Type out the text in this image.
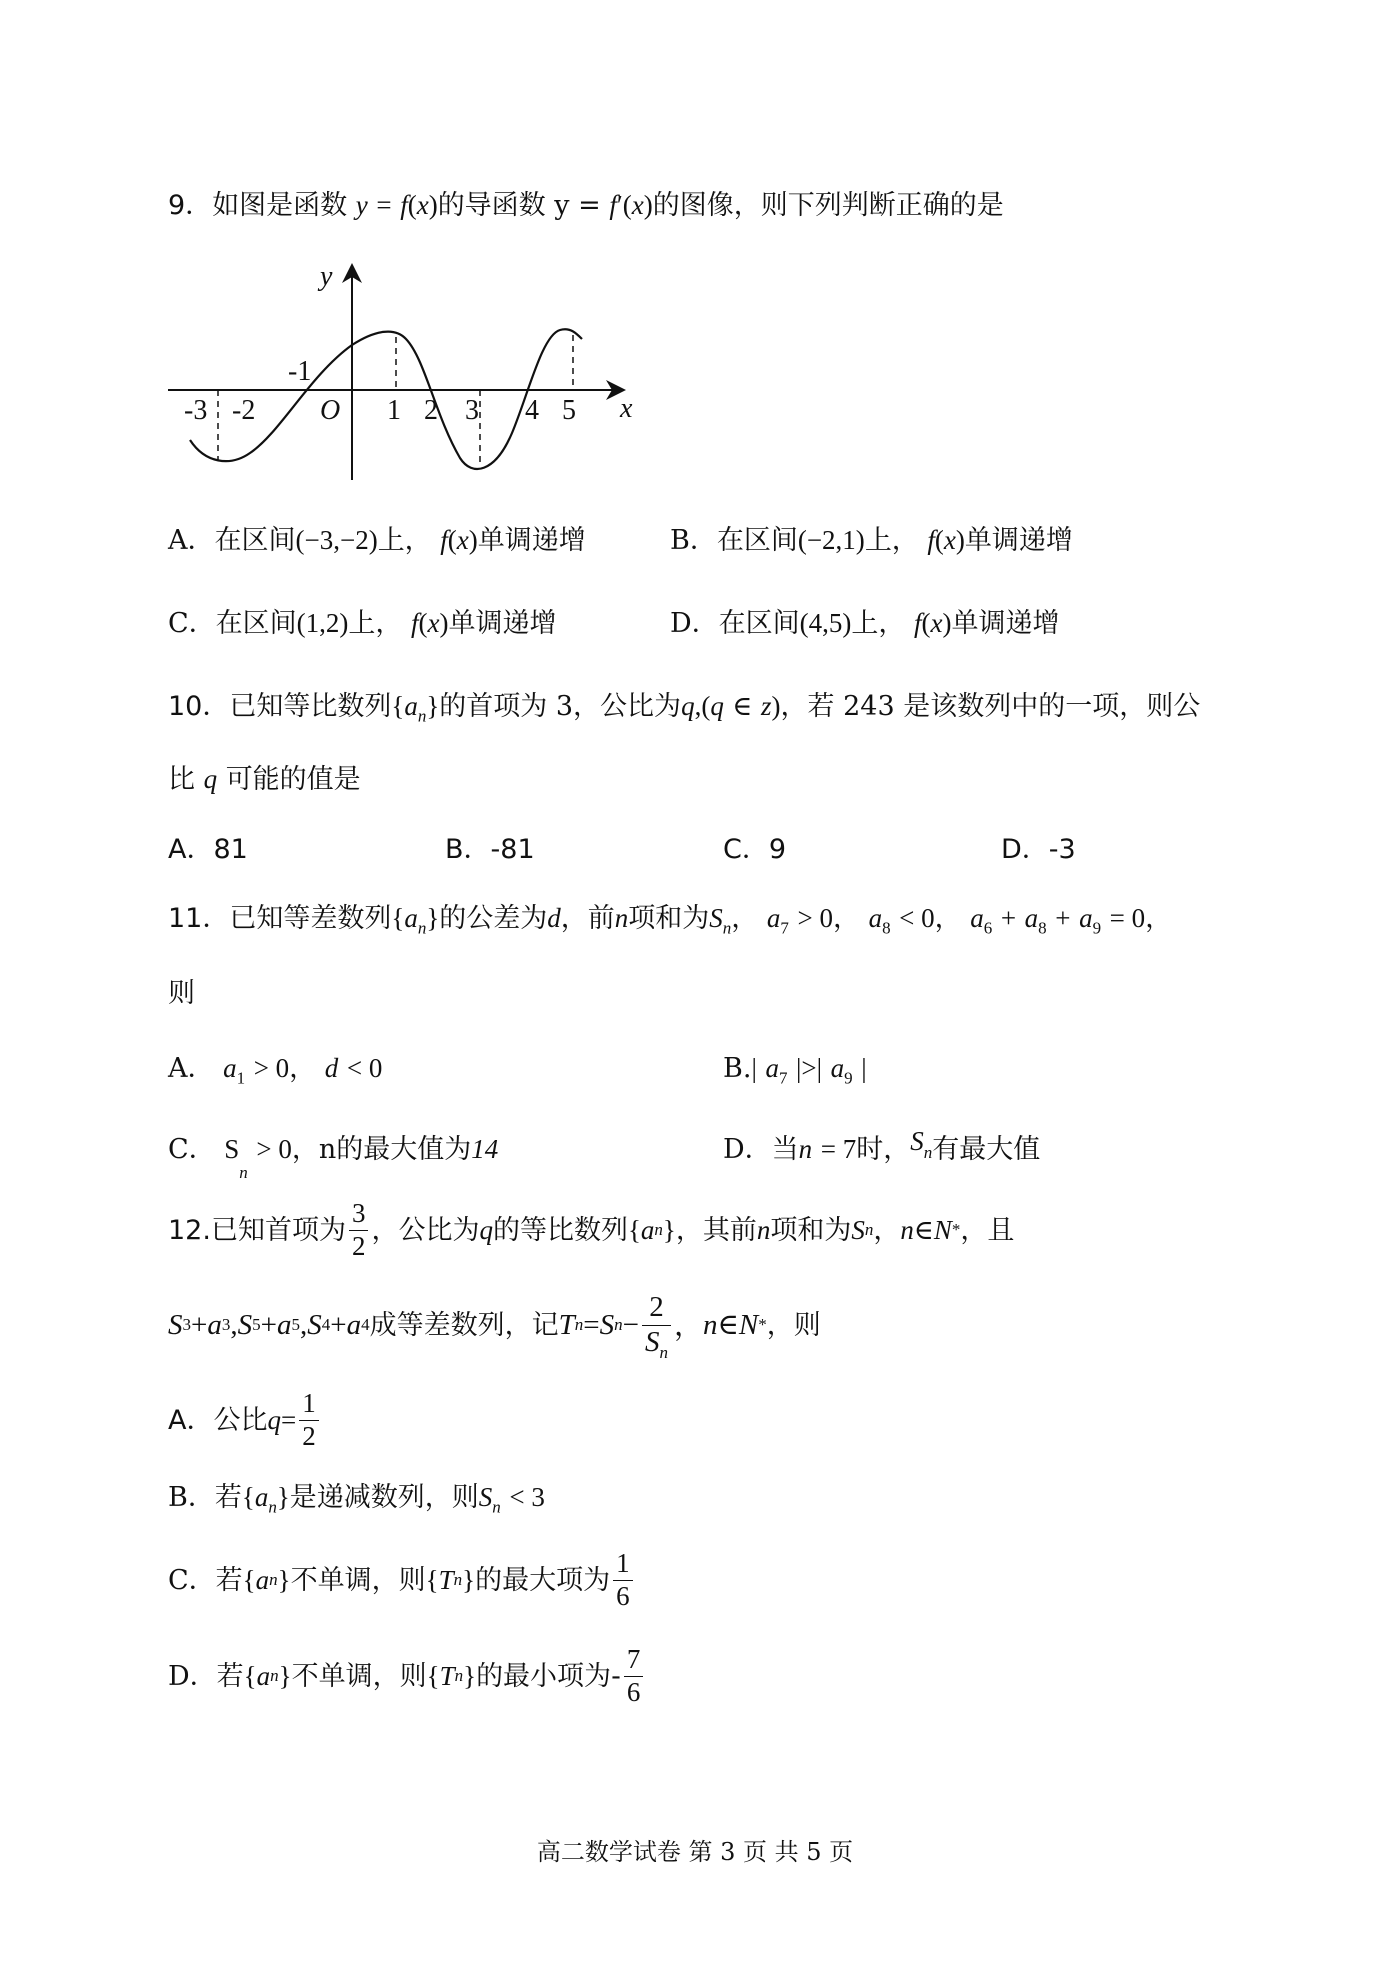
9．如图是函数 y = f(x)的导函数 y = f′(x)的图像，则下列判断正确的是
y
x
O
-1
-3 -2	1 2 3 4 5
A．在区间(−3,−2)上， f(x)单调递增	B．在区间(−2,1)上， f(x)单调递增
C．在区间(1,2)上， f(x)单调递增	D．在区间(4,5)上， f(x)单调递增
10．已知等比数列$\{a_n\}$的首项为 3，公比为q,(q ∈ z)，若 243 是该数列中的一项，则公
比 q 可能的值是
A．81	B．-81	C．9	D．-3
11．已知等差数列$\{a_n\}$的公差为d，前n项和为$S_n$， $a_7 > 0$， $a_8 < 0$， $a_6 + a_8 + a_9 = 0$，
则
A． $a_1 > 0$， d < 0	B.| $a_7$ |>| $a_9$ |
C． $S_n > 0$，n的最大值为14	D．当n = 7时，$S_n$有最大值
12. 已知首项为 $\frac{3}{2}$ ，公比为 q 的等比数列 { a n } ，其前 n 项和为 S n ， n ∈ N * ，且
S 3 + a 3 , S 5 + a 5 , S 4 + a 4 成等差数列，记 T n = S $n - \frac{2}{S_n}$ ， n ∈ N * ，则
A．公比 $q = \frac{1}{2}$
B．若$\{a_n\}$是递减数列，则$S_n < 3$
C．若 { a n } 不单调，则 { T n } 的最大项为 $\frac{1}{6}$
D．若 { a n } 不单调，则 { T n } 的最小项为 - $\frac{7}{6}$
高二数学试卷 第 3 页 共 5 页
